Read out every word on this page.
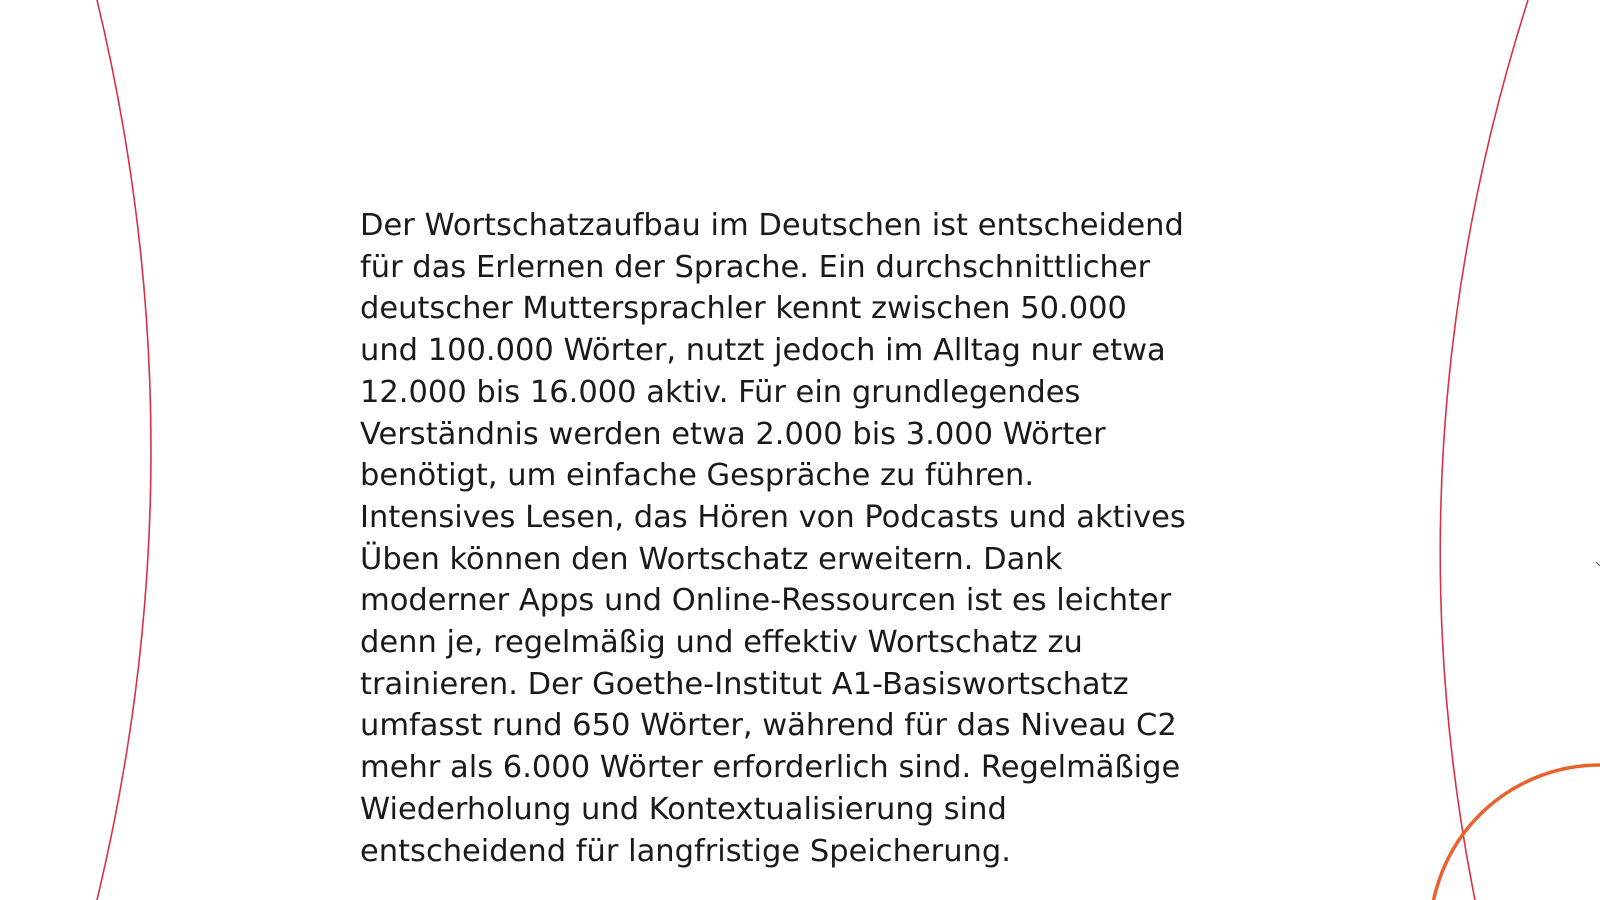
Der Wortschatzaufbau im Deutschen ist entscheidend
für das Erlernen der Sprache. Ein durchschnittlicher
deutscher Muttersprachler kennt zwischen 50.000
und 100.000 Wörter, nutzt jedoch im Alltag nur etwa
12.000 bis 16.000 aktiv. Für ein grundlegendes
Verständnis werden etwa 2.000 bis 3.000 Wörter
benötigt, um einfache Gespräche zu führen.
Intensives Lesen, das Hören von Podcasts und aktives
Üben können den Wortschatz erweitern. Dank
moderner Apps und Online-Ressourcen ist es leichter
denn je, regelmäßig und effektiv Wortschatz zu
trainieren. Der Goethe-Institut A1-Basiswortschatz
umfasst rund 650 Wörter, während für das Niveau C2
mehr als 6.000 Wörter erforderlich sind. Regelmäßige
Wiederholung und Kontextualisierung sind
entscheidend für langfristige Speicherung.
